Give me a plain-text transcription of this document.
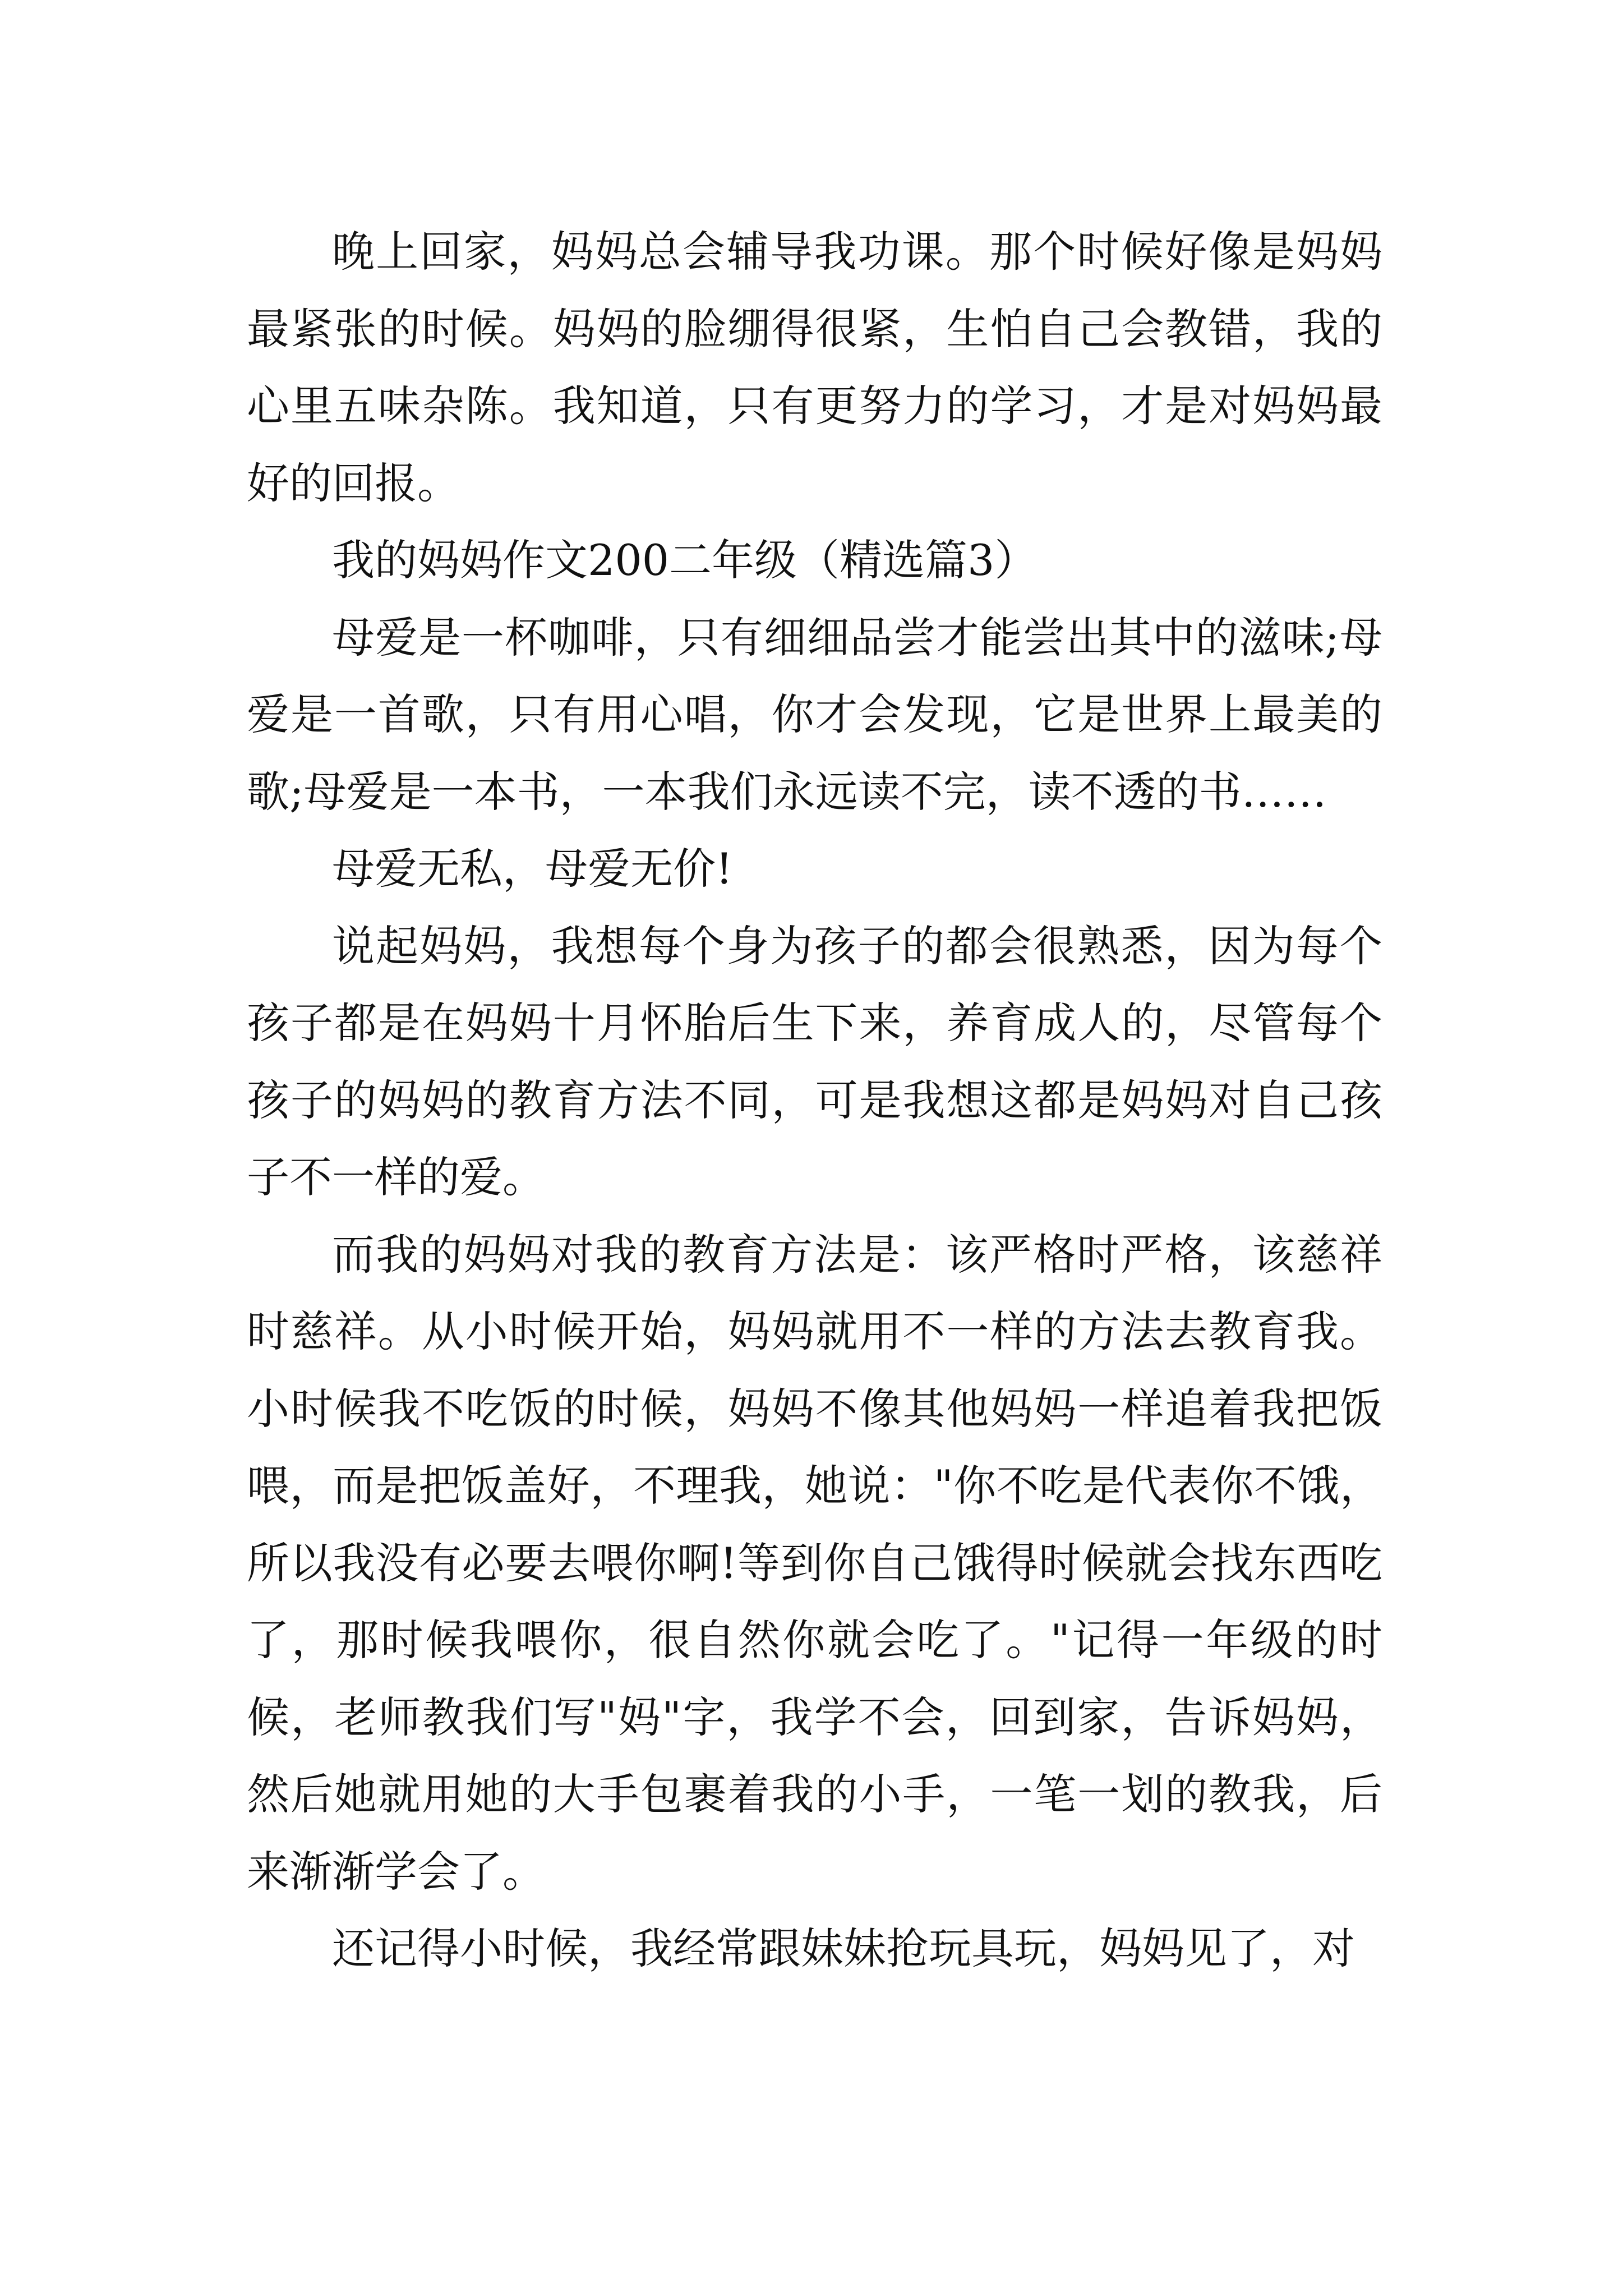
晚上回家，妈妈总会辅导我功课。那个时候好像是妈妈最紧张的时候。妈妈的脸绷得很紧，生怕自己会教错，我的心里五味杂陈。我知道，只有更努力的学习，才是对妈妈最好的回报。

我的妈妈作文200二年级（精选篇3）

母爱是一杯咖啡，只有细细品尝才能尝出其中的滋味;母爱是一首歌，只有用心唱，你才会发现，它是世界上最美的歌;母爱是一本书，一本我们永远读不完，读不透的书……

母爱无私，母爱无价!

说起妈妈，我想每个身为孩子的都会很熟悉，因为每个孩子都是在妈妈十月怀胎后生下来，养育成人的，尽管每个孩子的妈妈的教育方法不同，可是我想这都是妈妈对自己孩子不一样的爱。

而我的妈妈对我的教育方法是：该严格时严格，该慈祥时慈祥。从小时候开始，妈妈就用不一样的方法去教育我。小时候我不吃饭的时候，妈妈不像其他妈妈一样追着我把饭喂，而是把饭盖好，不理我，她说："你不吃是代表你不饿，所以我没有必要去喂你啊!等到你自己饿得时候就会找东西吃了，那时候我喂你，很自然你就会吃了。"记得一年级的时候，老师教我们写"妈"字，我学不会，回到家，告诉妈妈，然后她就用她的大手包裹着我的小手，一笔一划的教我，后来渐渐学会了。

还记得小时候，我经常跟妹妹抢玩具玩，妈妈见了，对
